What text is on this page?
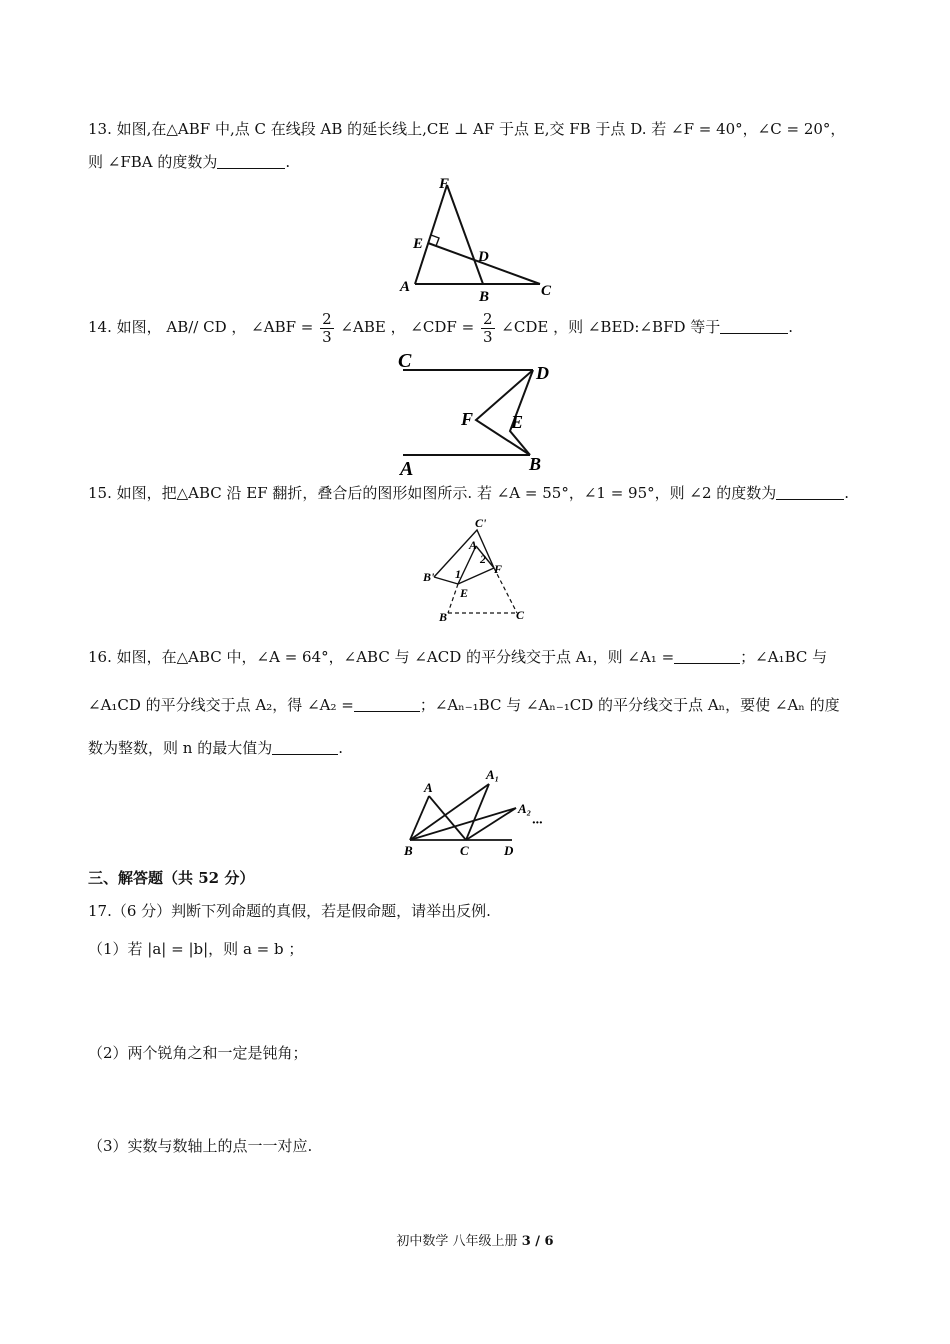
13. 如图,在△ABF 中,点 C 在线段 AB 的延长线上,CE ⊥ AF 于点 E,交 FB 于点 D. 若 ∠F = 40°，∠C = 20°，
则 ∠FBA 的度数为	.
F
E
D
A
B	C
14. 如图， AB// CD ， ∠ABF = $\frac{2}{3}$ ∠ABE ， ∠CDF = $\frac{2}{3}$ ∠CDE ，则 ∠BED:∠BFD 等于	.
C
D
F E
A	B
15. 如图，把△ABC 沿 EF 翻折，叠合后的图形如图所示. 若 ∠A = 55°，∠1 = 95°，则 ∠2 的度数为	.
C'
A
2
F
B' 1
E
B	C
16. 如图，在△ABC 中，∠A = 64°，∠ABC 与 ∠ACD 的平分线交于点 A₁，则 ∠A₁ =	；∠A₁BC 与
∠A₁CD 的平分线交于点 A₂，得 ∠A₂ =	；∠Aₙ₋₁BC 与 ∠Aₙ₋₁CD 的平分线交于点 Aₙ，要使 ∠Aₙ 的度
数为整数，则 n 的最大值为	.
A
A₁
A₂
···
B	C	D
三、解答题（共 52 分）
17.（6 分）判断下列命题的真假，若是假命题，请举出反例.
（1）若 |a| = |b|，则 a = b ；
（2）两个锐角之和一定是钝角；
（3）实数与数轴上的点一一对应.
初中数学 八年级上册 3 / 6
